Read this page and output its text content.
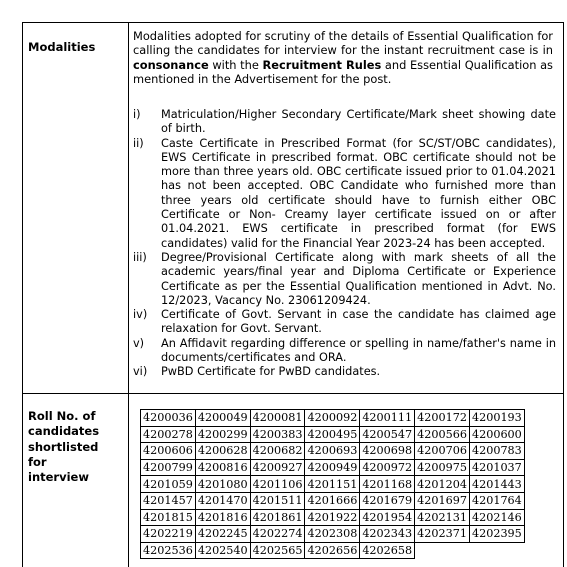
Modalities
Modalities adopted for scrutiny of the details of Essential Qualification for calling the candidates for interview for the instant recruitment case is in consonance with the Recruitment Rules and Essential Qualification as mentioned in the Advertisement for the post.
i)	Matriculation/Higher Secondary Certificate/Mark sheet showing date of birth.
ii)	Caste Certificate in Prescribed Format (for SC/ST/OBC candidates), EWS Certificate in prescribed format. OBC certificate should not be more than three years old. OBC certificate issued prior to 01.04.2021 has not been accepted. OBC Candidate who furnished more than three years old certificate should have to furnish either OBC Certificate or Non- Creamy layer certificate issued on or after 01.04.2021. EWS certificate in prescribed format (for EWS candidates) valid for the Financial Year 2023-24 has been accepted.
iii)	Degree/Provisional Certificate along with mark sheets of all the academic years/final year and Diploma Certificate or Experience Certificate as per the Essential Qualification mentioned in Advt. No. 12/2023, Vacancy No. 23061209424.
iv)	Certificate of Govt. Servant in case the candidate has claimed age relaxation for Govt. Servant.
v)	An Affidavit regarding difference or spelling in name/father's name in documents/certificates and ORA.
vi)	PwBD Certificate for PwBD candidates.
Roll No. of
candidates
shortlisted for
interview
4200036	4200049	4200081	4200092	4200111	4200172	4200193
4200278	4200299	4200383	4200495	4200547	4200566	4200600
4200606	4200628	4200682	4200693	4200698	4200706	4200783
4200799	4200816	4200927	4200949	4200972	4200975	4201037
4201059	4201080	4201106	4201151	4201168	4201204	4201443
4201457	4201470	4201511	4201666	4201679	4201697	4201764
4201815	4201816	4201861	4201922	4201954	4202131	4202146
4202219	4202245	4202274	4202308	4202343	4202371	4202395
4202536	4202540	4202565	4202656	4202658		
